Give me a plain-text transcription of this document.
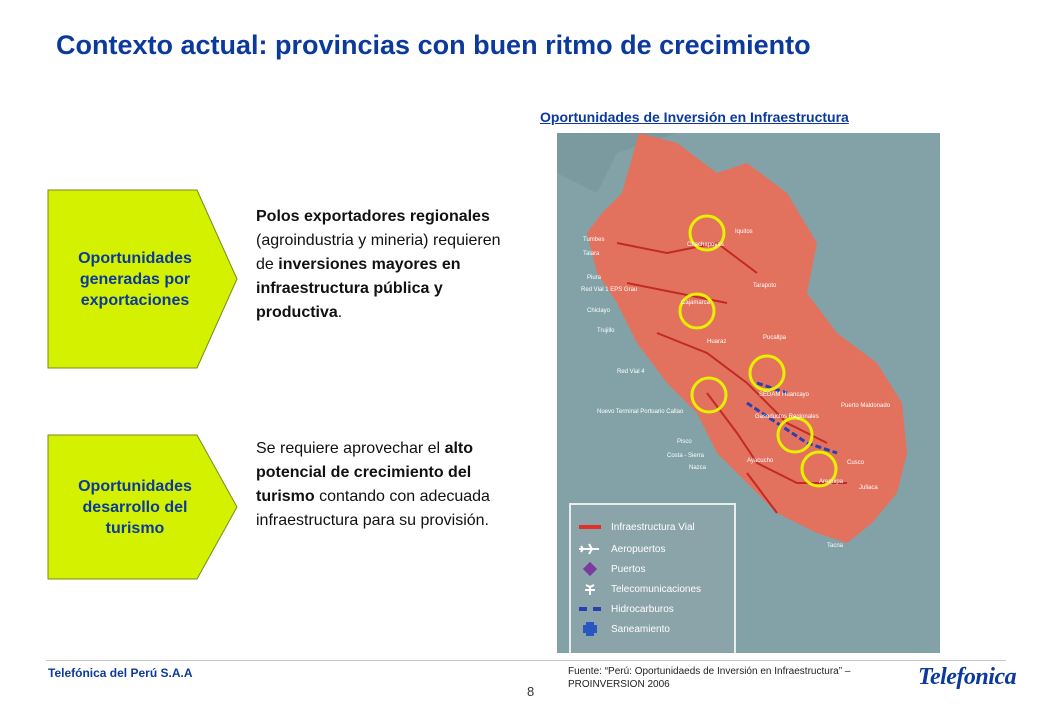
Contexto actual: provincias con buen ritmo de crecimiento
Oportunidades de Inversión en Infraestructura
Oportunidades generadas por exportaciones
Polos exportadores regionales (agroindustria y mineria) requieren de inversiones mayores en infraestructura pública y productiva.
Oportunidades desarrollo del turismo
Se requiere aprovechar el alto potencial de crecimiento del turismo contando con adecuada infraestructura para su provisión.
Tumbes
Talara
Piura
Red Vial 1 EPS Grau
Chiclayo
Trujillo
Red Vial 4
Nuevo Terminal Portuario Callao
Pisco
Costa - Sierra
Nazca
Iquitos
Chachapoyas
Tarapoto
Cajamarca
Huaraz
Pucallpa
SEDAM Huancayo
Gasoductos Regionales
Puerto Maldonado
Ayacucho	Cusco
Arequipa
Juliaca
Tacna
Infraestructura Vial
Aeropuertos
Puertos
Telecomunicaciones
Hidrocarburos
Saneamiento
Telefónica del Perú S.A.A
8
Fuente: “Perú: Oportunidaeds de Inversión en Infraestructura” – PROINVERSION 2006	Telefonica
